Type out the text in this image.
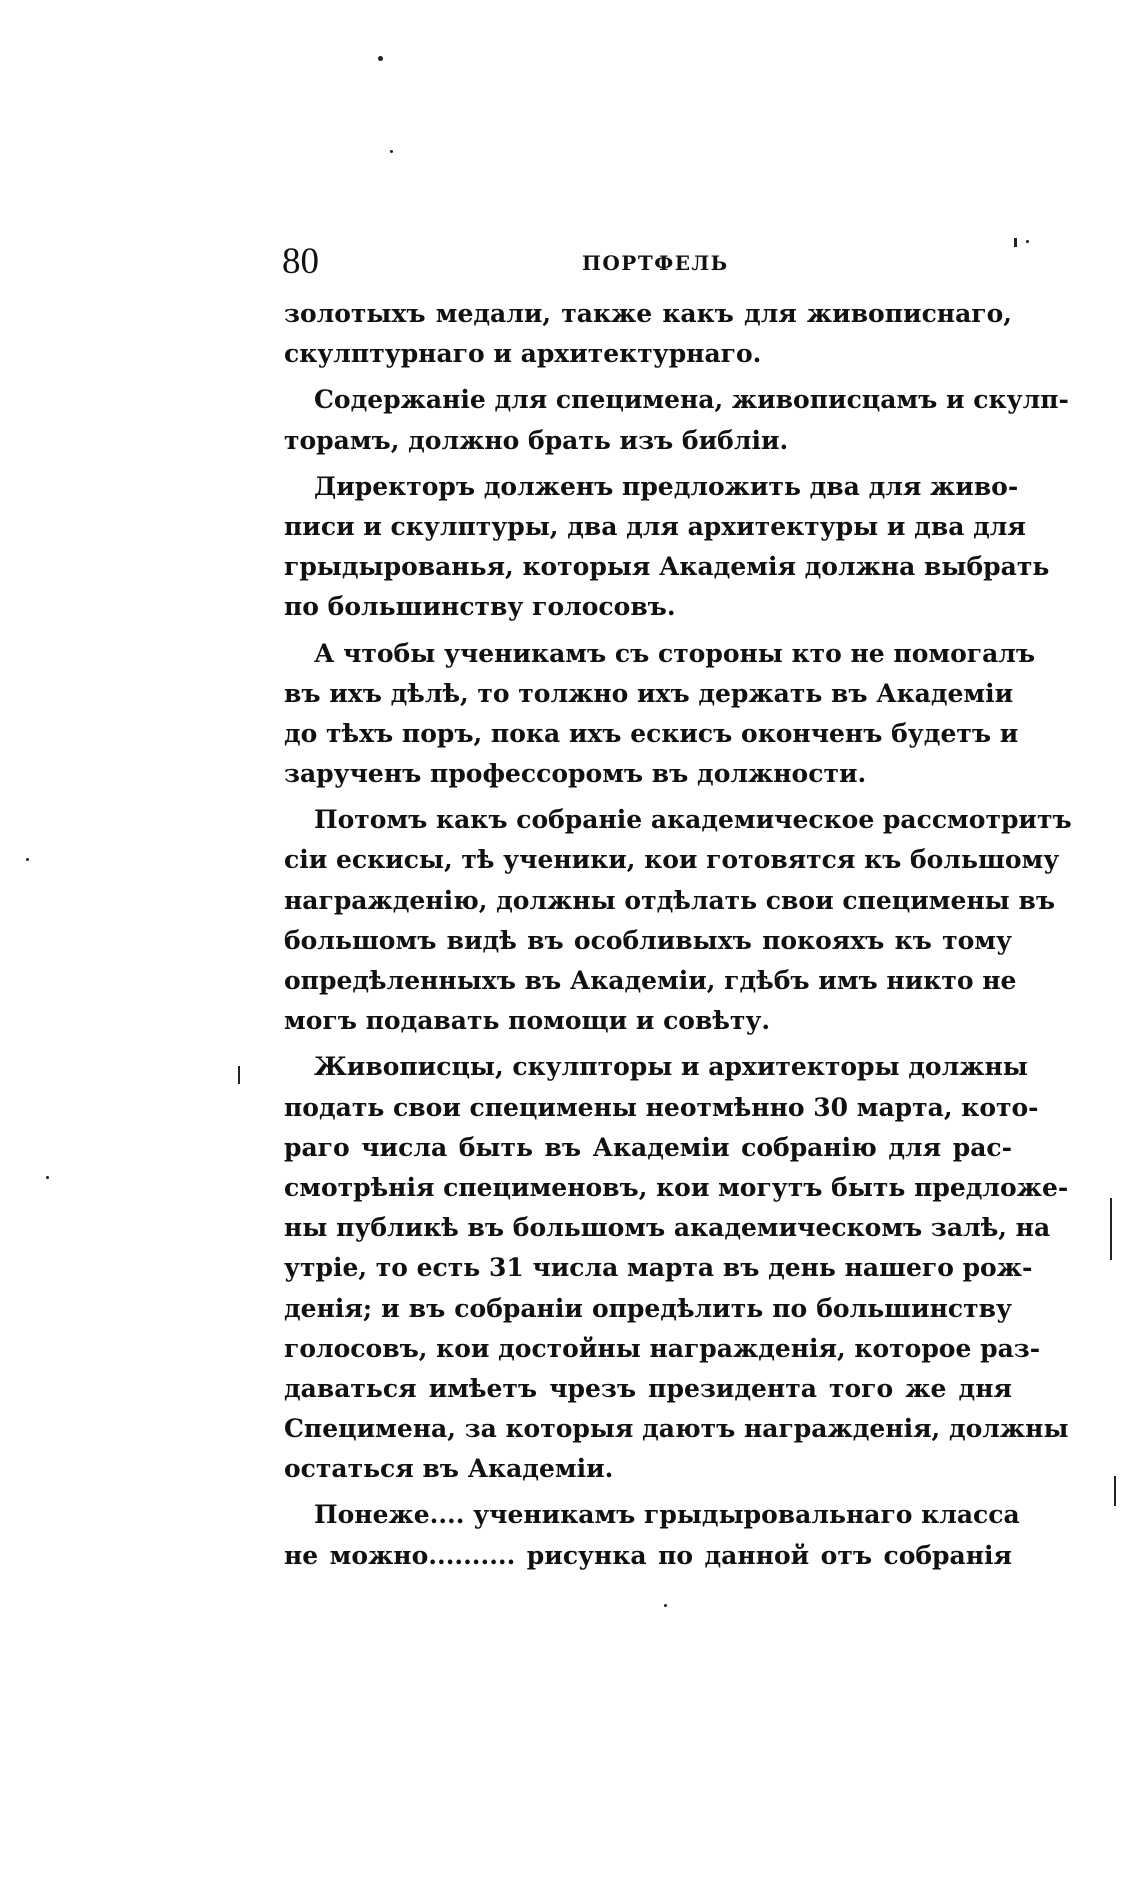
80	ПОРТФЕЛЬ
золотыхъ медали, также какъ для живописнаго,
скулптурнаго и архитектурнаго.
Содержаніе для специмена, живописцамъ и скулп-
торамъ, должно брать изъ библіи.
Директоръ долженъ предложить два для живо-
писи и скулптуры, два для архитектуры и два для
грыдырованья, которыя Академія должна выбрать
по большинству голосовъ.
А чтобы ученикамъ съ стороны кто не помогалъ
въ ихъ дѣлѣ, то толжно ихъ держать въ Академіи
до тѣхъ поръ, пока ихъ ескисъ оконченъ будетъ и
зарученъ профессоромъ въ должности.
Потомъ какъ собраніе академическое рассмотритъ
сіи ескисы, тѣ ученики, кои готовятся къ большому
награжденію, должны отдѣлать свои специмены въ
большомъ видѣ въ особливыхъ покояхъ къ тому
опредѣленныхъ въ Академіи, гдѣбъ имъ никто не
могъ подавать помощи и совѣту.
Живописцы, скулпторы и архитекторы должны
подать свои специмены неотмѣнно 30 марта, кото-
раго числа быть въ Академіи собранію для рас-
смотрѣнія специменовъ, кои могутъ быть предложе-
ны публикѣ въ большомъ академическомъ залѣ, на
утріе, то есть 31 числа марта въ день нашего рож-
денія; и въ собраніи опредѣлить по большинству
голосовъ, кои достойны награжденія, которое раз-
даваться имѣетъ чрезъ президента того же дня
Специмена, за которыя даютъ награжденія, должны
остаться въ Академіи.
Понеже.... ученикамъ грыдыровальнаго класса
не можно.......... рисунка по данной отъ собранія
